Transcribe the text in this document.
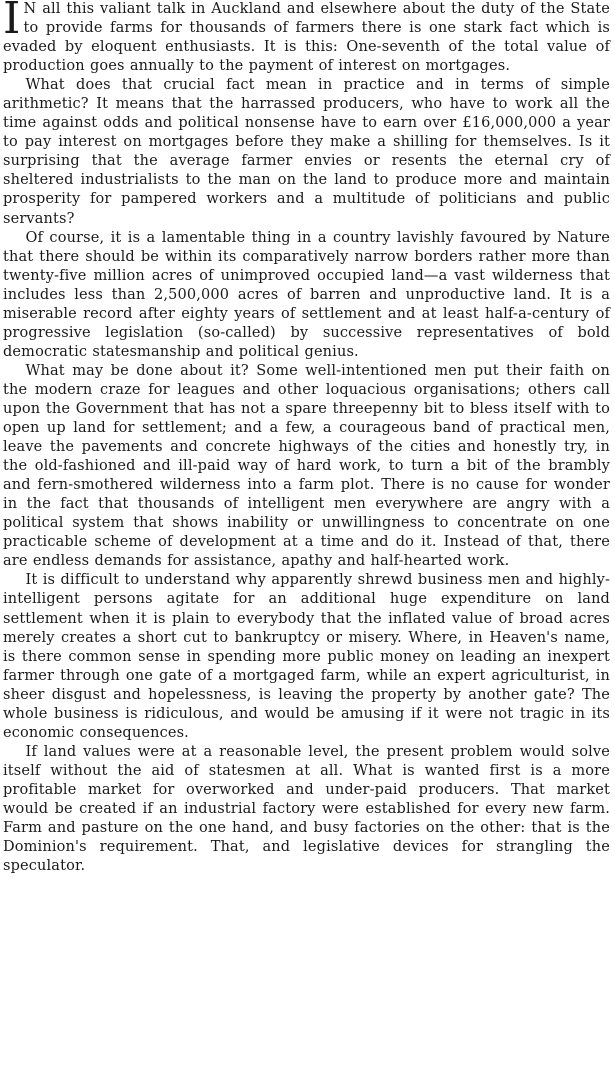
I N all this valiant talk in Auckland and elsewhere about the duty of the State to provide farms for thousands of farmers there is one stark fact which is evaded by eloquent enthusiasts. It is this: One-seventh of the total value of production goes annually to the payment of interest on mortgages.

What does that crucial fact mean in practice and in terms of simple arithmetic? It means that the harrassed producers, who have to work all the time against odds and political nonsense have to earn over £16,000,000 a year to pay interest on mortgages before they make a shilling for themselves. Is it surprising that the average farmer envies or resents the eternal cry of sheltered industrialists to the man on the land to produce more and maintain prosperity for pampered workers and a multitude of politicians and public servants?

Of course, it is a lamentable thing in a country lavishly favoured by Nature that there should be within its comparatively narrow borders rather more than twenty-five million acres of unimproved occupied land—a vast wilderness that includes less than 2,500,000 acres of barren and unproductive land. It is a miserable record after eighty years of settlement and at least half-a-century of progressive legislation (so-called) by successive representatives of bold democratic statesmanship and political genius.

What may be done about it? Some well-intentioned men put their faith on the modern craze for leagues and other loquacious organisations; others call upon the Government that has not a spare threepenny bit to bless itself with to open up land for settlement; and a few, a courageous band of practical men, leave the pavements and concrete highways of the cities and honestly try, in the old-fashioned and ill-paid way of hard work, to turn a bit of the brambly and fern-smothered wilderness into a farm plot. There is no cause for wonder in the fact that thousands of intelligent men everywhere are angry with a political system that shows inability or unwillingness to concentrate on one practicable scheme of development at a time and do it. Instead of that, there are endless demands for assistance, apathy and half-hearted work.

It is difficult to understand why apparently shrewd business men and highly-intelligent persons agitate for an additional huge expenditure on land settlement when it is plain to everybody that the inflated value of broad acres merely creates a short cut to bankruptcy or misery. Where, in Heaven's name, is there common sense in spending more public money on leading an inexpert farmer through one gate of a mortgaged farm, while an expert agriculturist, in sheer disgust and hopelessness, is leaving the property by another gate? The whole business is ridiculous, and would be amusing if it were not tragic in its economic consequences.

If land values were at a reasonable level, the present problem would solve itself without the aid of statesmen at all. What is wanted first is a more profitable market for overworked and under-paid producers. That market would be created if an industrial factory were established for every new farm. Farm and pasture on the one hand, and busy factories on the other: that is the Dominion's requirement. That, and legislative devices for strangling the speculator.
